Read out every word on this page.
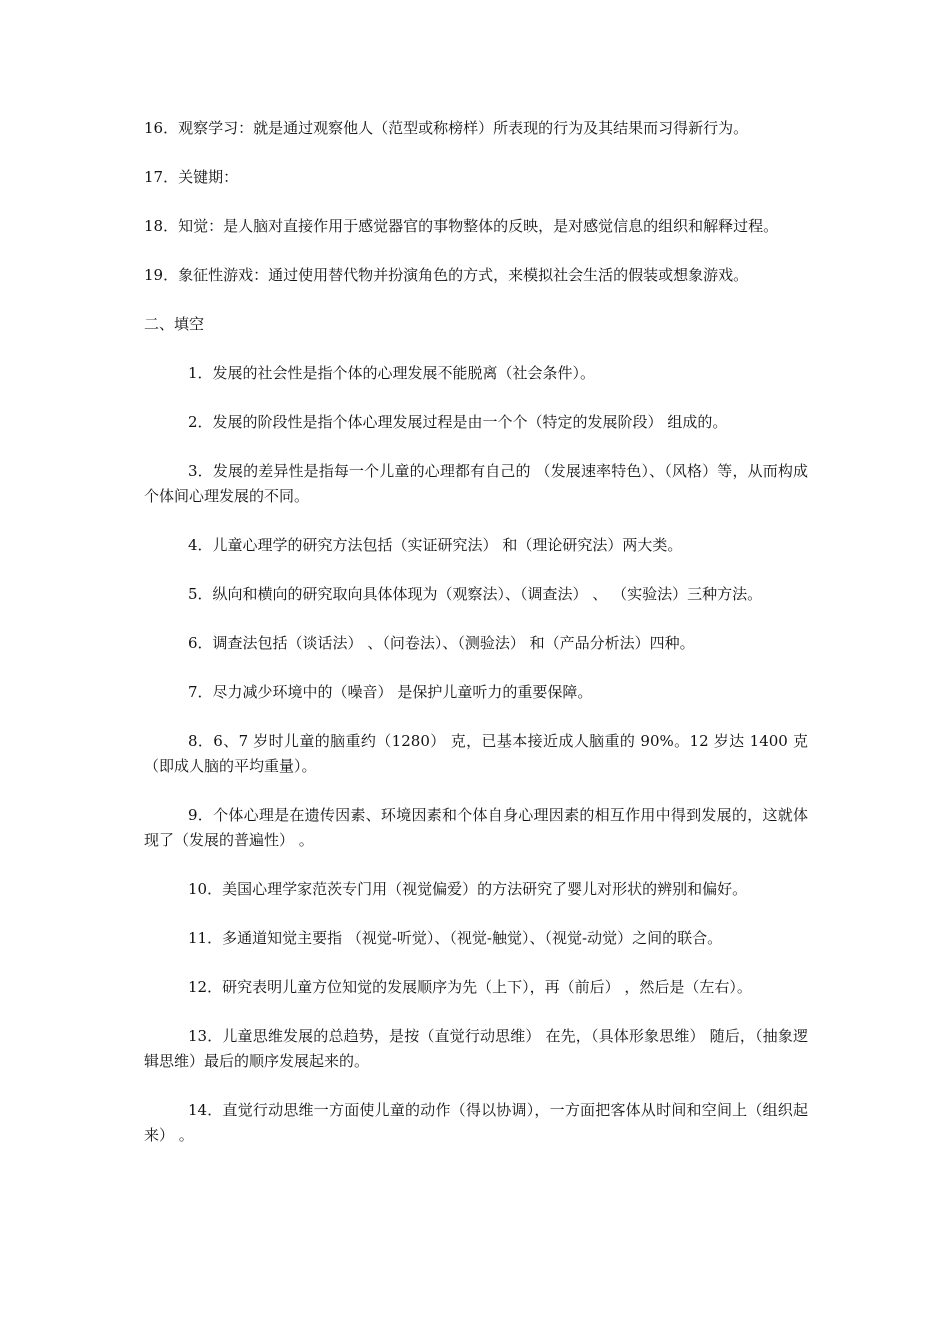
16．观察学习：就是通过观察他人（范型或称榜样）所表现的行为及其结果而习得新行为。

17．关键期：

18．知觉：是人脑对直接作用于感觉器官的事物整体的反映，是对感觉信息的组织和解释过程。

19．象征性游戏：通过使用替代物并扮演角色的方式，来模拟社会生活的假装或想象游戏。

二、填空

1．发展的社会性是指个体的心理发展不能脱离（社会条件）。

2．发展的阶段性是指个体心理发展过程是由一个个（特定的发展阶段） 组成的。

3．发展的差异性是指每一个儿童的心理都有自己的 （发展速率特色）、（风格）等，从而构成个体间心理发展的不同。

4．儿童心理学的研究方法包括（实证研究法） 和（理论研究法）两大类。

5．纵向和横向的研究取向具体体现为（观察法）、（调查法） 、 （实验法）三种方法。

6．调查法包括（谈话法） 、（问卷法）、（测验法） 和（产品分析法）四种。

7．尽力减少环境中的（噪音） 是保护儿童听力的重要保障。

8．6、7 岁时儿童的脑重约（1280） 克，已基本接近成人脑重的 90%。12 岁达 1400 克（即成人脑的平均重量）。

9．个体心理是在遗传因素、环境因素和个体自身心理因素的相互作用中得到发展的，这就体现了（发展的普遍性） 。

10．美国心理学家范茨专门用（视觉偏爱）的方法研究了婴儿对形状的辨别和偏好。

11．多通道知觉主要指 （视觉-听觉）、（视觉-触觉）、（视觉-动觉）之间的联合。

12．研究表明儿童方位知觉的发展顺序为先（上下），再（前后） ，然后是（左右）。

13．儿童思维发展的总趋势，是按（直觉行动思维） 在先，（具体形象思维） 随后，（抽象逻辑思维）最后的顺序发展起来的。

14．直觉行动思维一方面使儿童的动作（得以协调），一方面把客体从时间和空间上（组织起来） 。
